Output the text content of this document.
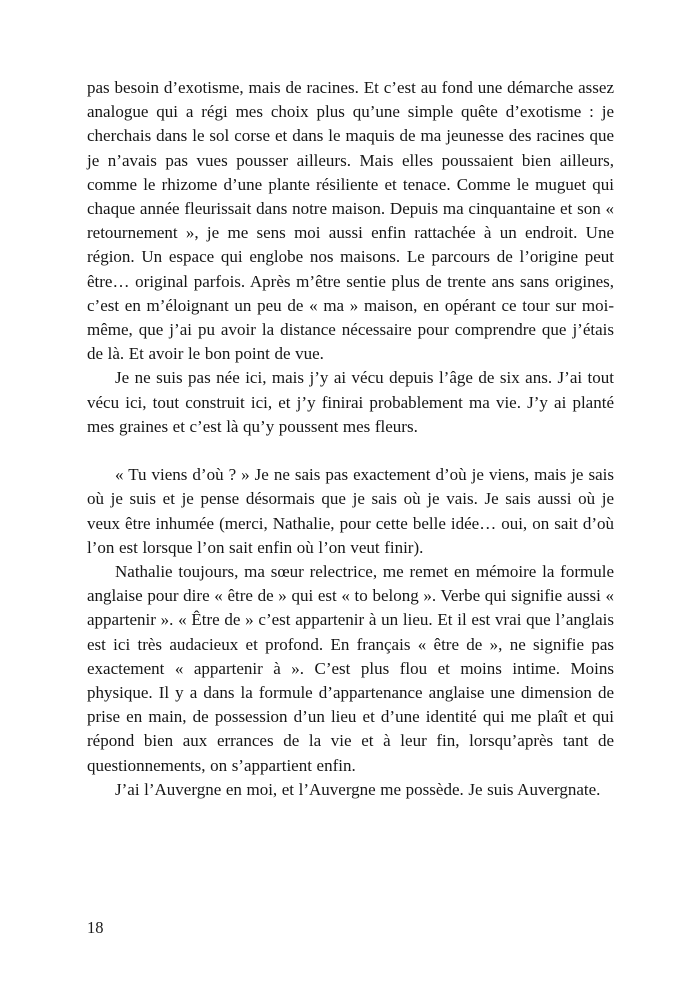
pas besoin d’exotisme, mais de racines. Et c’est au fond une démarche assez analogue qui a régi mes choix plus qu’une simple quête d’exotisme : je cherchais dans le sol corse et dans le maquis de ma jeunesse des racines que je n’avais pas vues pousser ailleurs. Mais elles poussaient bien ailleurs, comme le rhizome d’une plante résiliente et tenace. Comme le muguet qui chaque année fleurissait dans notre maison. Depuis ma cinquantaine et son « retournement », je me sens moi aussi enfin rattachée à un endroit. Une région. Un espace qui englobe nos maisons. Le parcours de l’origine peut être… original parfois. Après m’être sentie plus de trente ans sans origines, c’est en m’éloignant un peu de « ma » maison, en opérant ce tour sur moi-même, que j’ai pu avoir la distance nécessaire pour comprendre que j’étais de là. Et avoir le bon point de vue.

Je ne suis pas née ici, mais j’y ai vécu depuis l’âge de six ans. J’ai tout vécu ici, tout construit ici, et j’y finirai probablement ma vie. J’y ai planté mes graines et c’est là qu’y poussent mes fleurs.

« Tu viens d’où ? » Je ne sais pas exactement d’où je viens, mais je sais où je suis et je pense désormais que je sais où je vais. Je sais aussi où je veux être inhumée (merci, Nathalie, pour cette belle idée… oui, on sait d’où l’on est lorsque l’on sait enfin où l’on veut finir).

Nathalie toujours, ma sœur relectrice, me remet en mémoire la formule anglaise pour dire « être de » qui est « to belong ». Verbe qui signifie aussi « appartenir ». « Être de » c’est appartenir à un lieu. Et il est vrai que l’anglais est ici très audacieux et profond. En français « être de », ne signifie pas exactement « appartenir à ». C’est plus flou et moins intime. Moins physique. Il y a dans la formule d’appartenance anglaise une dimension de prise en main, de possession d’un lieu et d’une identité qui me plaît et qui répond bien aux errances de la vie et à leur fin, lorsqu’après tant de questionnements, on s’appartient enfin.

J’ai l’Auvergne en moi, et l’Auvergne me possède. Je suis Auvergnate.

18
